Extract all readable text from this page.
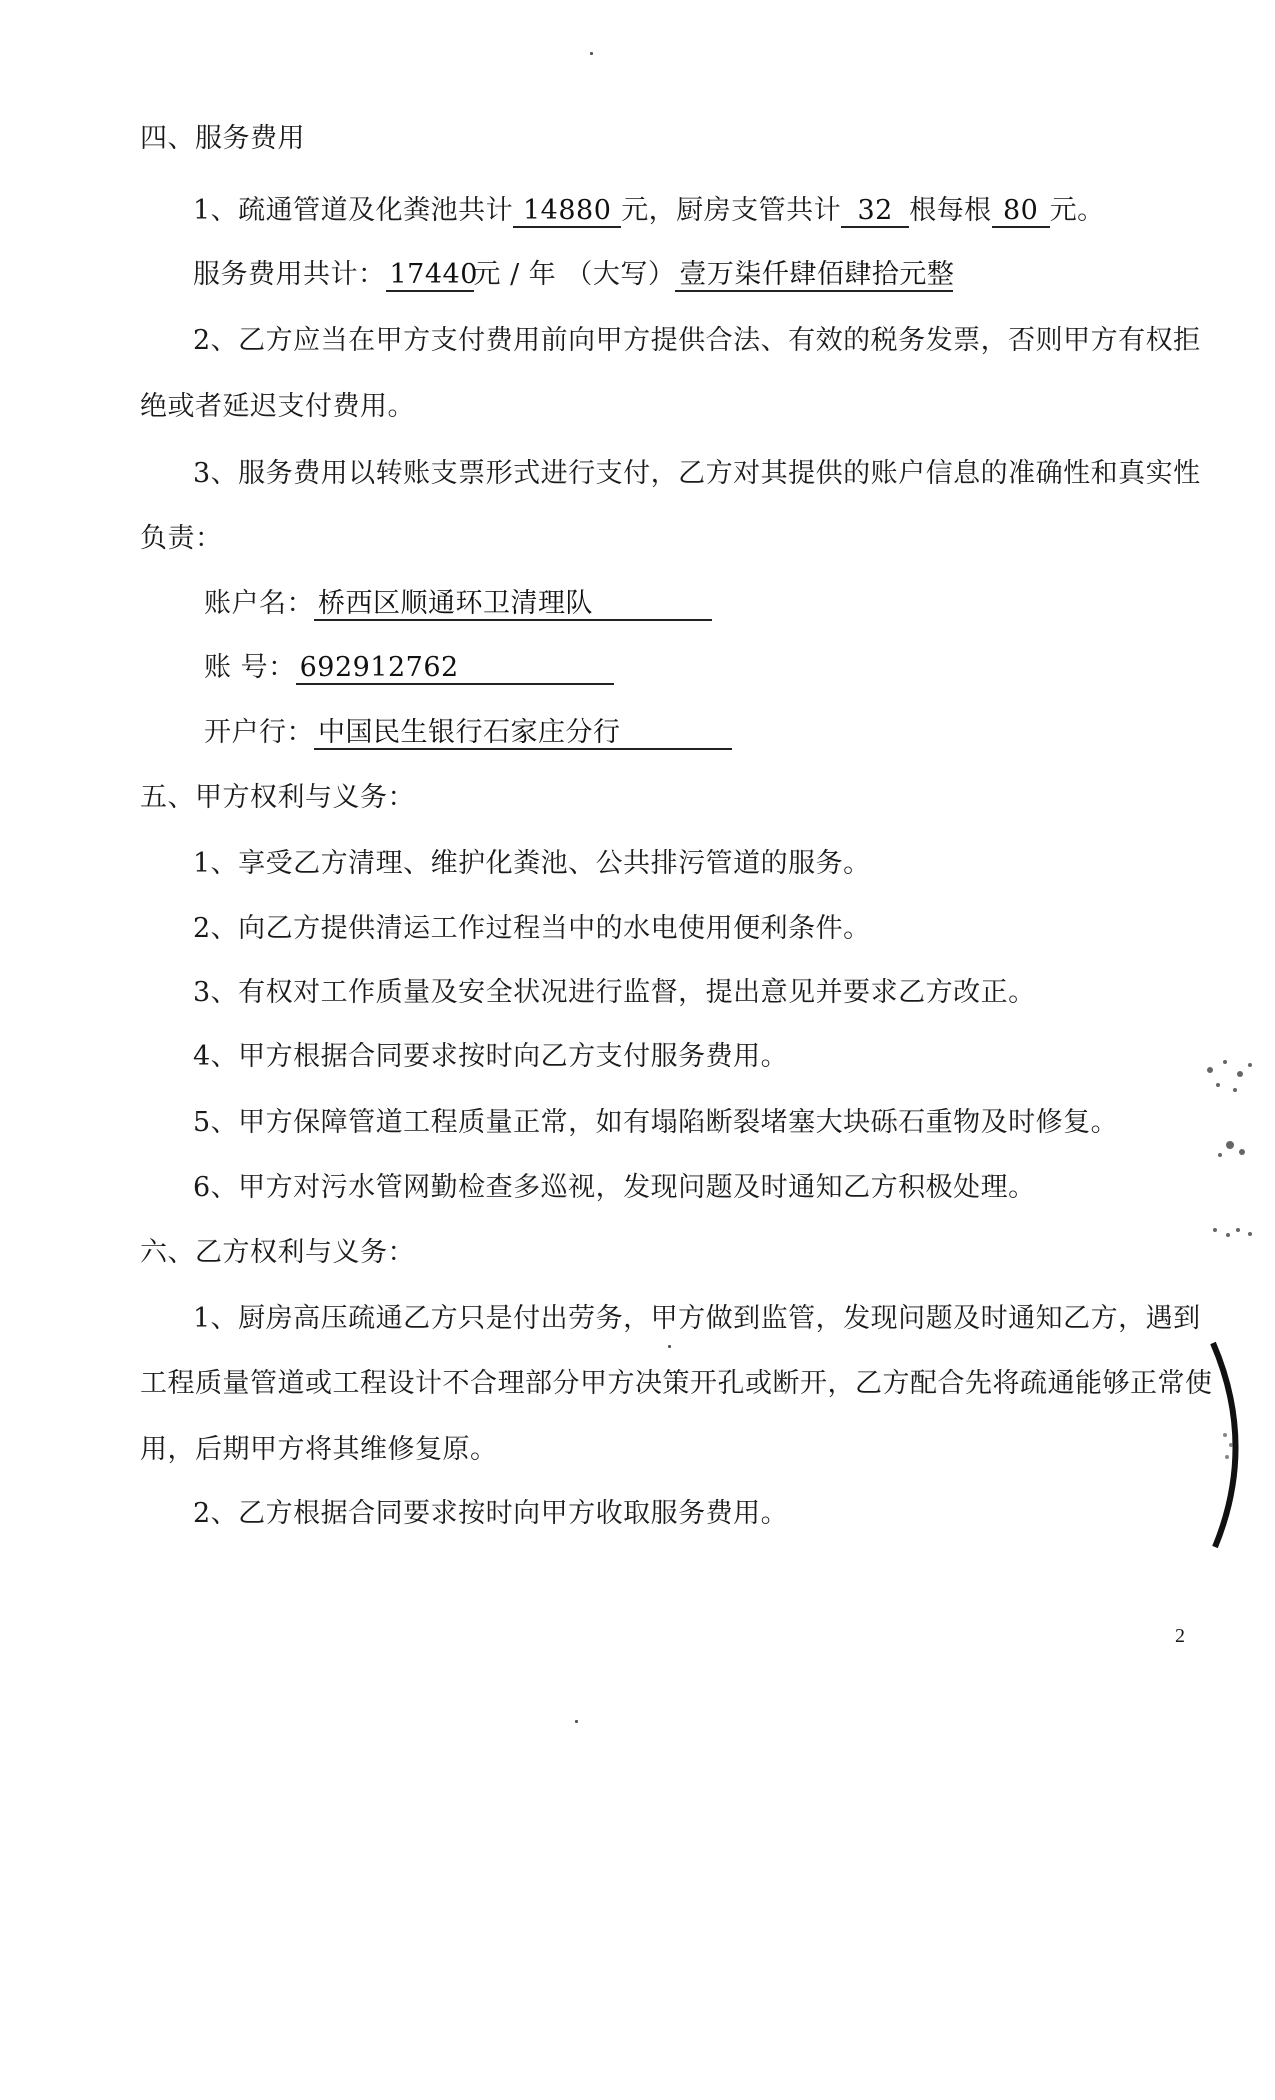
四、服务费用
1、疏通管道及化粪池共计 14880 元，厨房支管共计 32 根每根 80 元。
服务费用共计： 17440元 / 年 （大写） 壹万柒仟肆佰肆拾元整
2、乙方应当在甲方支付费用前向甲方提供合法、有效的税务发票，否则甲方有权拒
绝或者延迟支付费用。
3、服务费用以转账支票形式进行支付，乙方对其提供的账户信息的准确性和真实性
负责：
账户名： 桥西区顺通环卫清理队
账 号： 692912762
开户行： 中国民生银行石家庄分行
五、甲方权利与义务：
1、享受乙方清理、维护化粪池、公共排污管道的服务。
2、向乙方提供清运工作过程当中的水电使用便利条件。
3、有权对工作质量及安全状况进行监督，提出意见并要求乙方改正。
4、甲方根据合同要求按时向乙方支付服务费用。
5、甲方保障管道工程质量正常，如有塌陷断裂堵塞大块砾石重物及时修复。
6、甲方对污水管网勤检查多巡视，发现问题及时通知乙方积极处理。
六、乙方权利与义务：
1、厨房高压疏通乙方只是付出劳务，甲方做到监管，发现问题及时通知乙方，遇到
工程质量管道或工程设计不合理部分甲方决策开孔或断开，乙方配合先将疏通能够正常使
用，后期甲方将其维修复原。
2、乙方根据合同要求按时向甲方收取服务费用。
2
